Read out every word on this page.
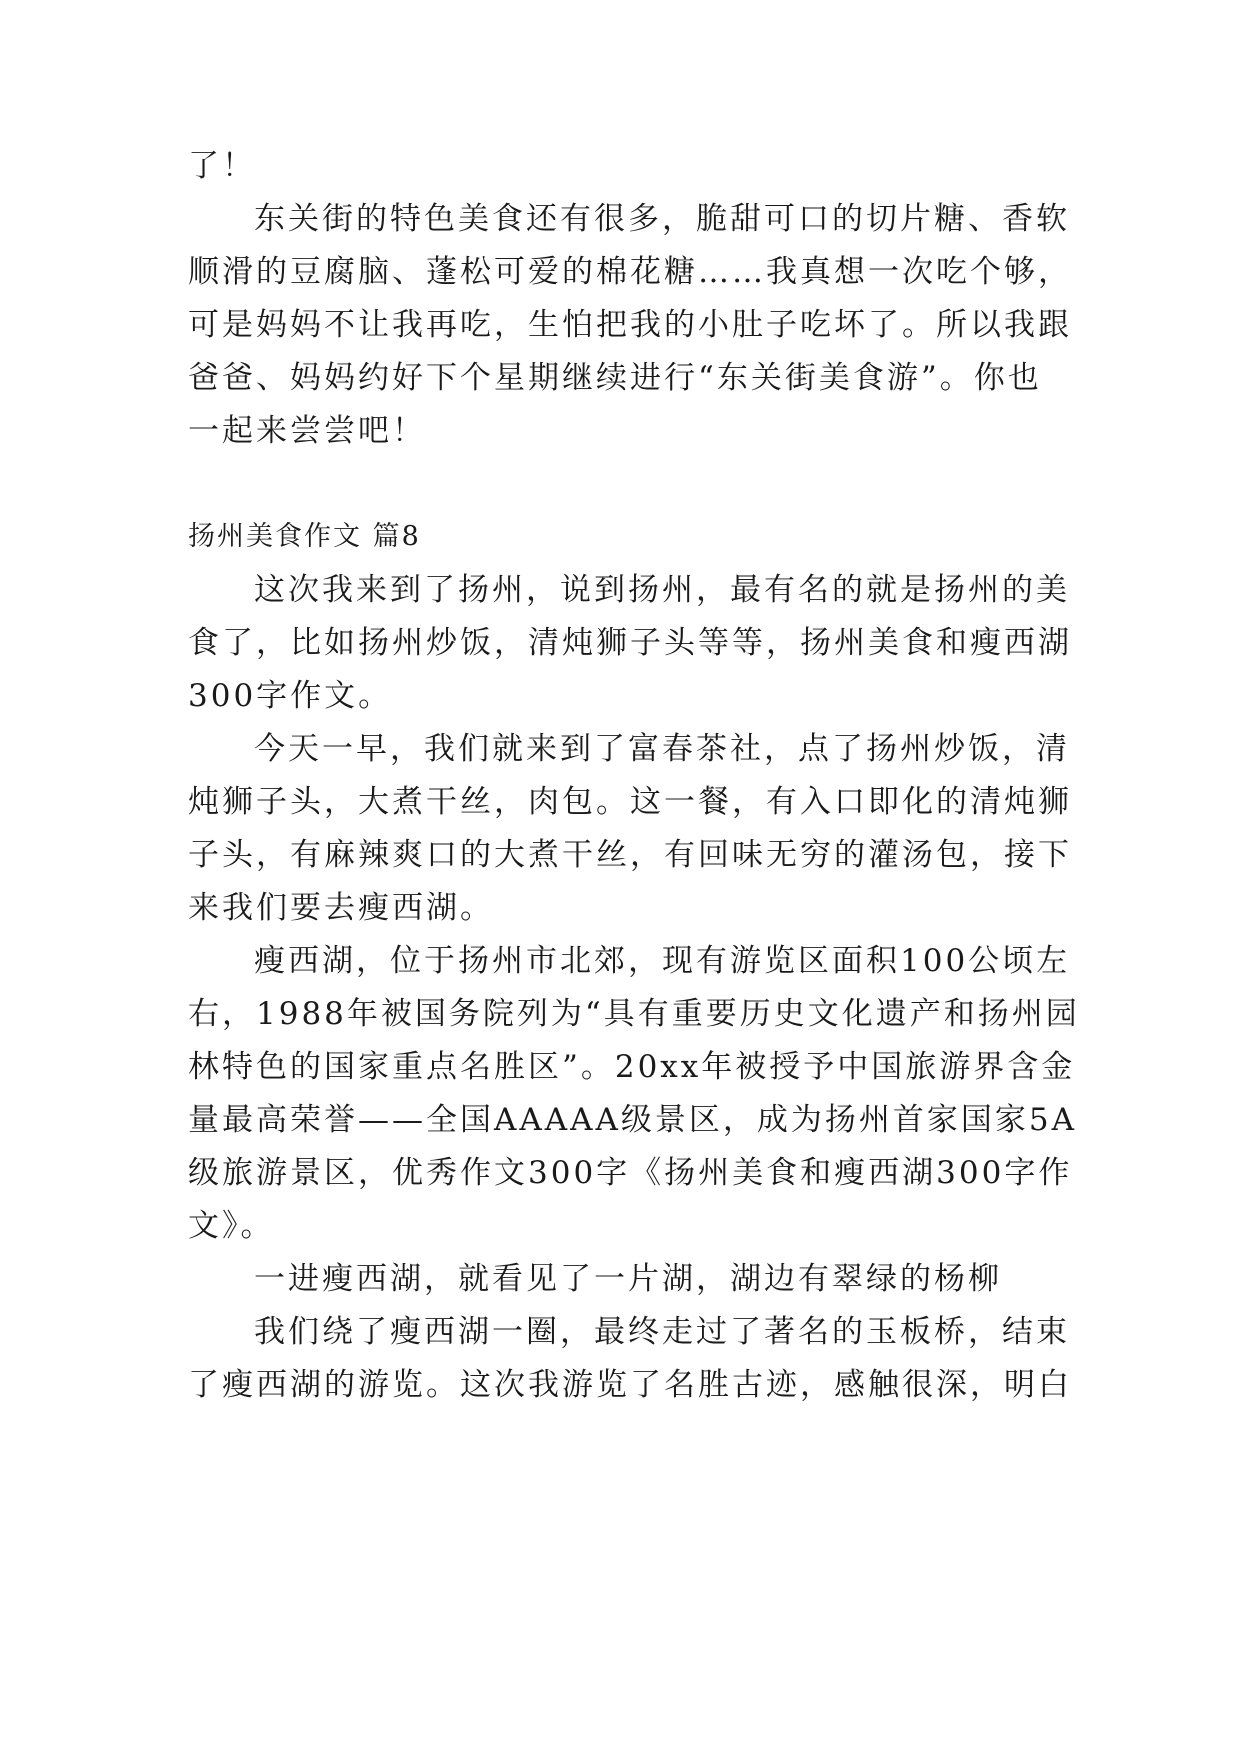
了！
东关街的特色美食还有很多，脆甜可口的切片糖、香软
顺滑的豆腐脑、蓬松可爱的棉花糖……我真想一次吃个够，
可是妈妈不让我再吃，生怕把我的小肚子吃坏了。所以我跟
爸爸、妈妈约好下个星期继续进行“东关街美食游”。你也
一起来尝尝吧！
扬州美食作文 篇8
这次我来到了扬州，说到扬州，最有名的就是扬州的美
食了，比如扬州炒饭，清炖狮子头等等，扬州美食和瘦西湖
300字作文。
今天一早，我们就来到了富春茶社，点了扬州炒饭，清
炖狮子头，大煮干丝，肉包。这一餐，有入口即化的清炖狮
子头，有麻辣爽口的大煮干丝，有回味无穷的灌汤包，接下
来我们要去瘦西湖。
瘦西湖，位于扬州市北郊，现有游览区面积100公顷左
右，1988年被国务院列为“具有重要历史文化遗产和扬州园
林特色的国家重点名胜区”。20xx年被授予中国旅游界含金
量最高荣誉——全国AAAAA级景区，成为扬州首家国家5A
级旅游景区，优秀作文300字《扬州美食和瘦西湖300字作
文》。
一进瘦西湖，就看见了一片湖，湖边有翠绿的杨柳
我们绕了瘦西湖一圈，最终走过了著名的玉板桥，结束
了瘦西湖的游览。这次我游览了名胜古迹，感触很深，明白
